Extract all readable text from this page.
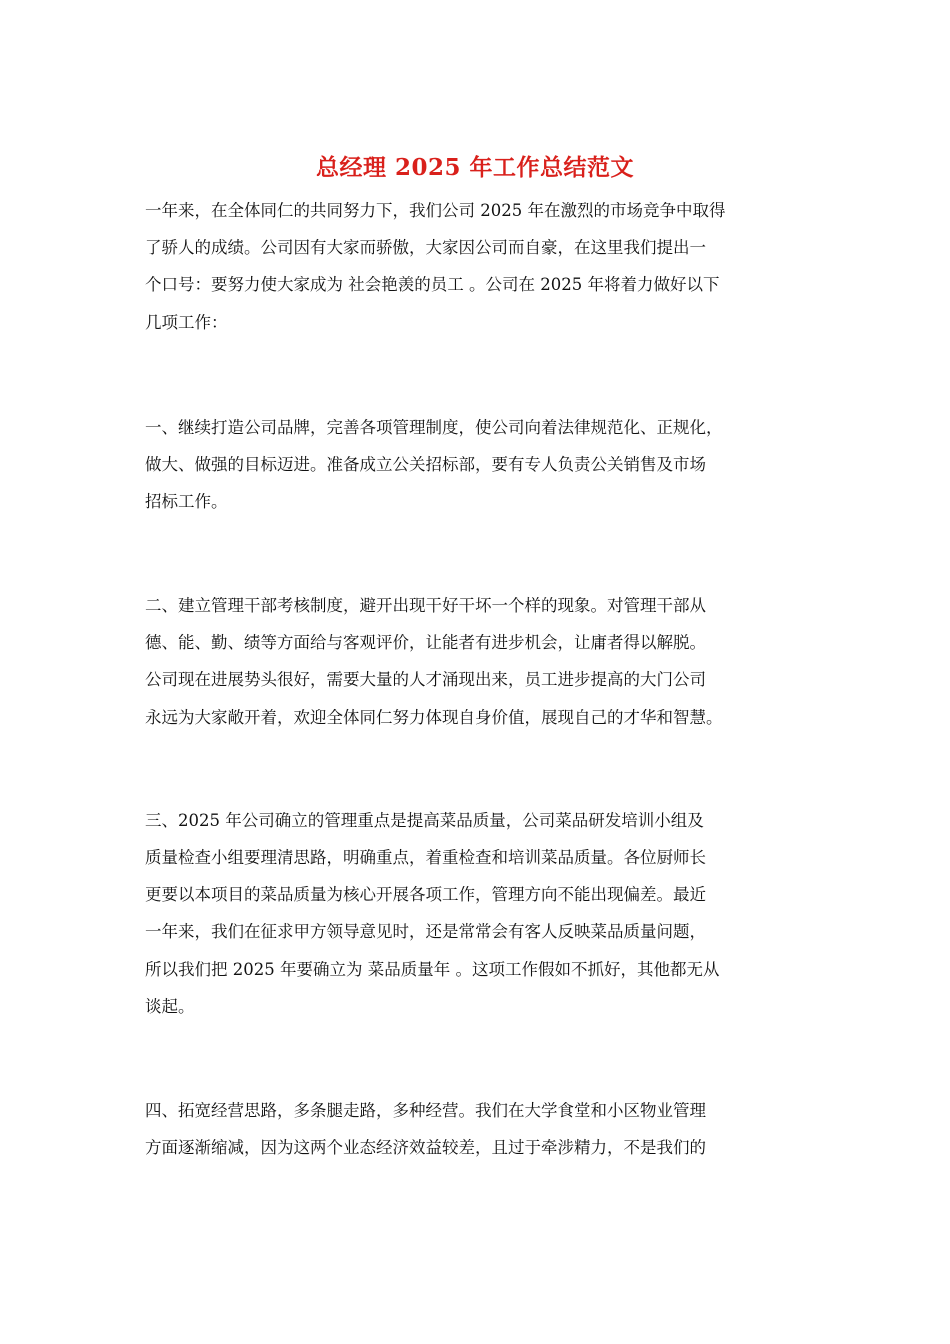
总经理 2025 年工作总结范文
一年来，在全体同仁的共同努力下，我们公司 2025 年在激烈的市场竞争中取得
了骄人的成绩。公司因有大家而骄傲，大家因公司而自豪，在这里我们提出一
个口号：要努力使大家成为 社会艳羡的员工 。公司在 2025 年将着力做好以下
几项工作：
一、继续打造公司品牌，完善各项管理制度，使公司向着法律规范化、正规化，
做大、做强的目标迈进。准备成立公关招标部，要有专人负责公关销售及市场
招标工作。
二、建立管理干部考核制度，避开出现干好干坏一个样的现象。对管理干部从
德、能、勤、绩等方面给与客观评价，让能者有进步机会，让庸者得以解脱。
公司现在进展势头很好，需要大量的人才涌现出来，员工进步提高的大门公司
永远为大家敞开着，欢迎全体同仁努力体现自身价值，展现自己的才华和智慧。
三、2025 年公司确立的管理重点是提高菜品质量，公司菜品研发培训小组及
质量检查小组要理清思路，明确重点，着重检查和培训菜品质量。各位厨师长
更要以本项目的菜品质量为核心开展各项工作，管理方向不能出现偏差。最近
一年来，我们在征求甲方领导意见时，还是常常会有客人反映菜品质量问题，
所以我们把 2025 年要确立为 菜品质量年 。这项工作假如不抓好，其他都无从
谈起。
四、拓宽经营思路，多条腿走路，多种经营。我们在大学食堂和小区物业管理
方面逐渐缩减，因为这两个业态经济效益较差，且过于牵涉精力，不是我们的
